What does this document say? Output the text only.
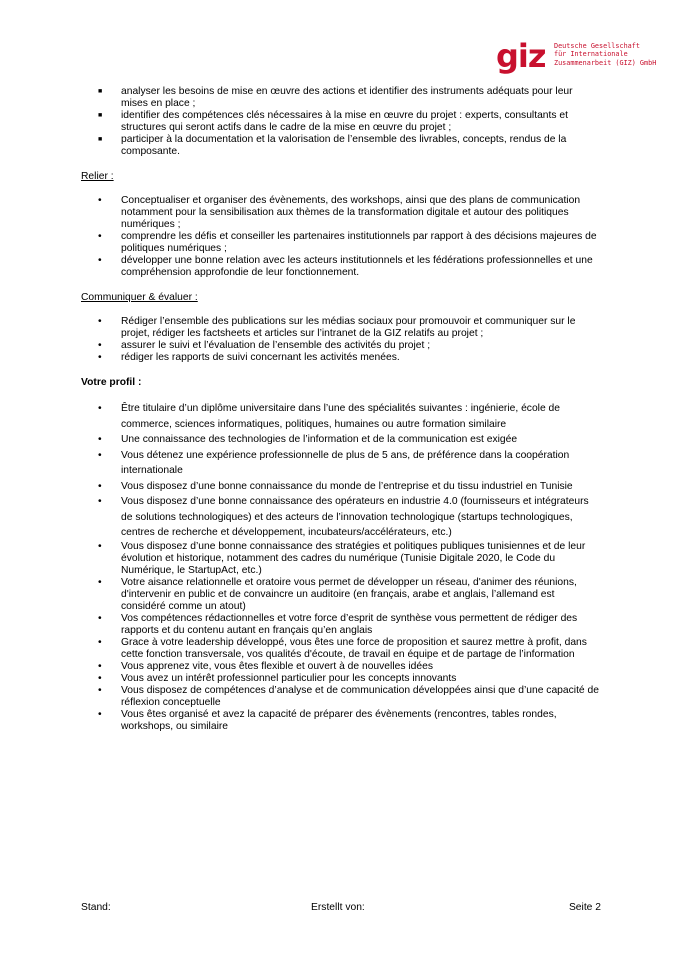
giz Deutsche Gesellschaft
für Internationale
Zusammenarbeit (GIZ) GmbH
■ analyser les besoins de mise en œuvre des actions et identifier des instruments adéquats pour leur mises en place ;
■ identifier des compétences clés nécessaires à la mise en œuvre du projet : experts, consultants et structures qui seront actifs dans le cadre de la mise en œuvre du projet ;
■ participer à la documentation et la valorisation de l’ensemble des livrables, concepts, rendus de la composante.

Relier :

• Conceptualiser et organiser des évènements, des workshops, ainsi que des plans de communication notamment pour la sensibilisation aux thèmes de la transformation digitale et autour des politiques numériques ;
• comprendre les défis et conseiller les partenaires institutionnels par rapport à des décisions majeures de politiques numériques ;
• développer une bonne relation avec les acteurs institutionnels et les fédérations professionnelles et une compréhension approfondie de leur fonctionnement.

Communiquer & évaluer :

• Rédiger l’ensemble des publications sur les médias sociaux pour promouvoir et communiquer sur le projet, rédiger les factsheets et articles sur l’intranet de la GIZ relatifs au projet ;
• assurer le suivi et l’évaluation de l’ensemble des activités du projet ;
• rédiger les rapports de suivi concernant les activités menées.

Votre profil :

• Être titulaire d’un diplôme universitaire dans l’une des spécialités suivantes : ingénierie, école de commerce, sciences informatiques, politiques, humaines ou autre formation similaire
• Une connaissance des technologies de l’information et de la communication est exigée
• Vous détenez une expérience professionnelle de plus de 5 ans, de préférence dans la coopération internationale
• Vous disposez d’une bonne connaissance du monde de l’entreprise et du tissu industriel en Tunisie
• Vous disposez d’une bonne connaissance des opérateurs en industrie 4.0 (fournisseurs et intégrateurs de solutions technologiques) et des acteurs de l’innovation technologique (startups technologiques, centres de recherche et développement, incubateurs/accélérateurs, etc.)
• Vous disposez d’une bonne connaissance des stratégies et politiques publiques tunisiennes et de leur évolution et historique, notamment des cadres du numérique (Tunisie Digitale 2020, le Code du Numérique, le StartupAct, etc.)
• Votre aisance relationnelle et oratoire vous permet de développer un réseau, d'animer des réunions, d'intervenir en public et de convaincre un auditoire (en français, arabe et anglais, l’allemand est considéré comme un atout)
• Vos compétences rédactionnelles et votre force d’esprit de synthèse vous permettent de rédiger des rapports et du contenu autant en français qu’en anglais
• Grace à votre leadership développé, vous êtes une force de proposition et saurez mettre à profit, dans cette fonction transversale, vos qualités d'écoute, de travail en équipe et de partage de l’information
• Vous apprenez vite, vous êtes flexible et ouvert à de nouvelles idées
• Vous avez un intérêt professionnel particulier pour les concepts innovants
• Vous disposez de compétences d’analyse et de communication développées ainsi que d’une capacité de réflexion conceptuelle
• Vous êtes organisé et avez la capacité de préparer des évènements (rencontres, tables rondes, workshops, ou similaire
Stand:	Erstellt von:	Seite 2
